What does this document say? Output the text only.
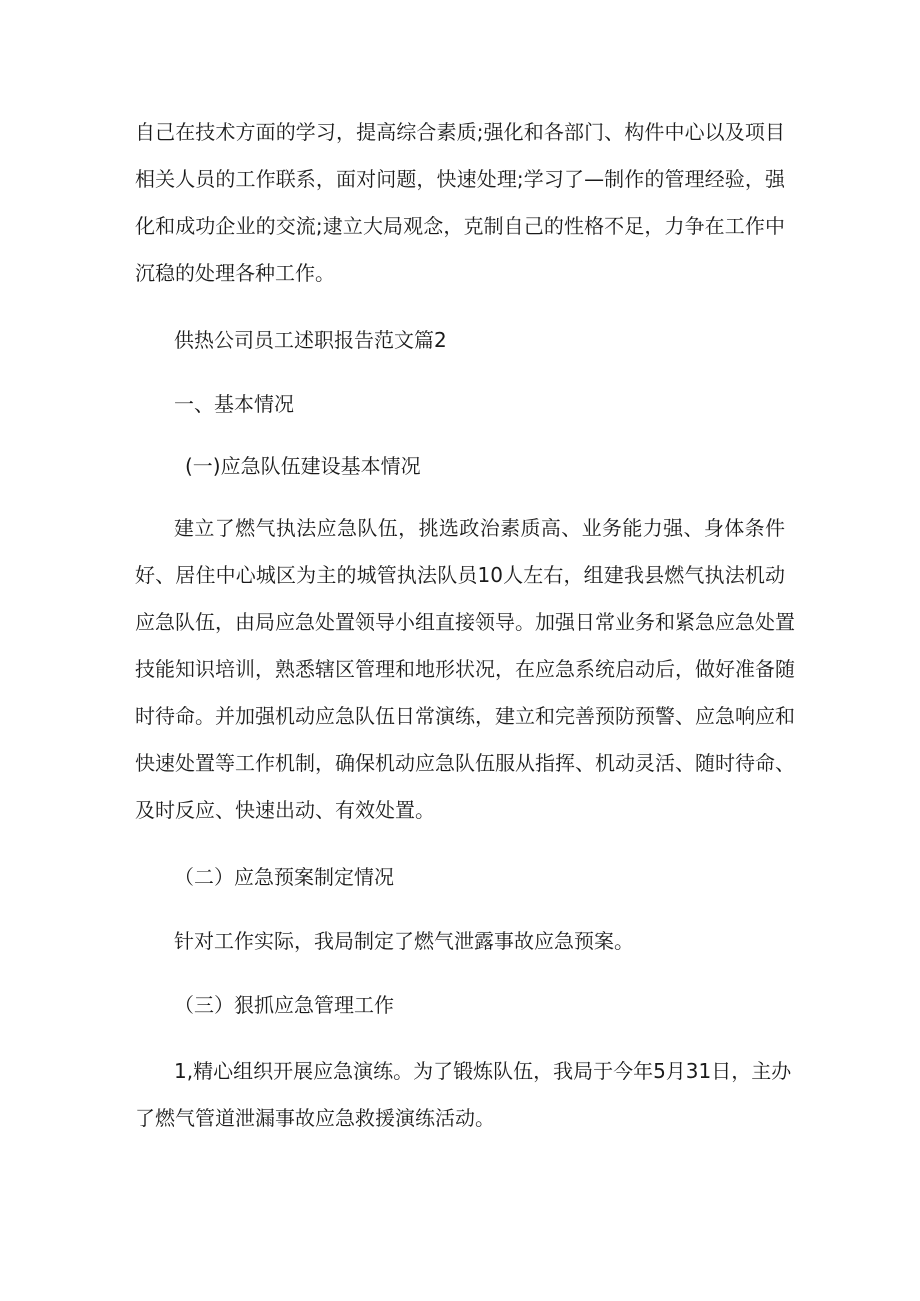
自己在技术方面的学习，提高综合素质;强化和各部门、构件中心以及项目
相关人员的工作联系，面对问题，快速处理;学习了—制作的管理经验，强
化和成功企业的交流;逮立大局观念，克制自己的性格不足，力争在工作中
沉稳的处理各种工作。
供热公司员工述职报告范文篇2
一、基本情况
(一)应急队伍建设基本情况
建立了燃气执法应急队伍，挑选政治素质高、业务能力强、身体条件
好、居住中心城区为主的城管执法队员10人左右，组建我县燃气执法机动
应急队伍，由局应急处置领导小组直接领导。加强日常业务和紧急应急处置
技能知识培训，熟悉辖区管理和地形状况，在应急系统启动后，做好准备随
时待命。并加强机动应急队伍日常演练，建立和完善预防预警、应急响应和
快速处置等工作机制，确保机动应急队伍服从指挥、机动灵活、随时待命、
及时反应、快速出动、有效处置。
（二）应急预案制定情况
针对工作实际，我局制定了燃气泄露事故应急预案。
（三）狠抓应急管理工作
1,精心组织开展应急演练。为了锻炼队伍，我局于今年5月31日，主办
了燃气管道泄漏事故应急救援演练活动。
